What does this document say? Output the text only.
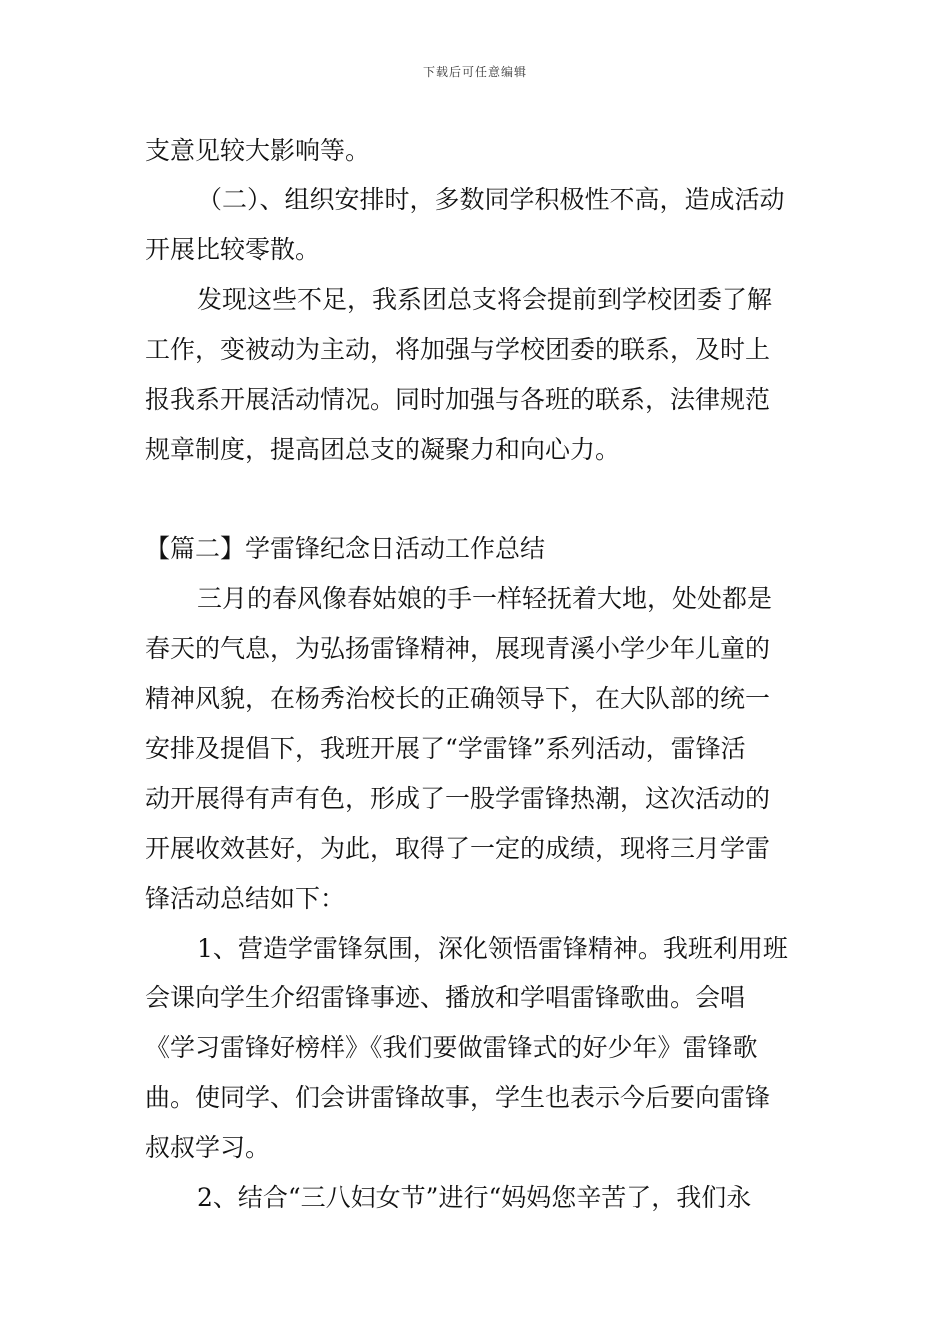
下载后可任意编辑
支意见较大影响等。
（二）、组织安排时，多数同学积极性不高，造成活动
开展比较零散。
发现这些不足，我系团总支将会提前到学校团委了解
工作，变被动为主动，将加强与学校团委的联系，及时上
报我系开展活动情况。同时加强与各班的联系，法律规范
规章制度，提高团总支的凝聚力和向心力。
【篇二】学雷锋纪念日活动工作总结
三月的春风像春姑娘的手一样轻抚着大地，处处都是
春天的气息，为弘扬雷锋精神，展现青溪小学少年儿童的
精神风貌，在杨秀治校长的正确领导下，在大队部的统一
安排及提倡下，我班开展了“学雷锋”系列活动，雷锋活
动开展得有声有色，形成了一股学雷锋热潮，这次活动的
开展收效甚好，为此，取得了一定的成绩，现将三月学雷
锋活动总结如下：
1、营造学雷锋氛围，深化领悟雷锋精神。我班利用班
会课向学生介绍雷锋事迹、播放和学唱雷锋歌曲。会唱
《学习雷锋好榜样》《我们要做雷锋式的好少年》雷锋歌
曲。使同学、们会讲雷锋故事，学生也表示今后要向雷锋
叔叔学习。
2、结合“三八妇女节”进行“妈妈您辛苦了，我们永
